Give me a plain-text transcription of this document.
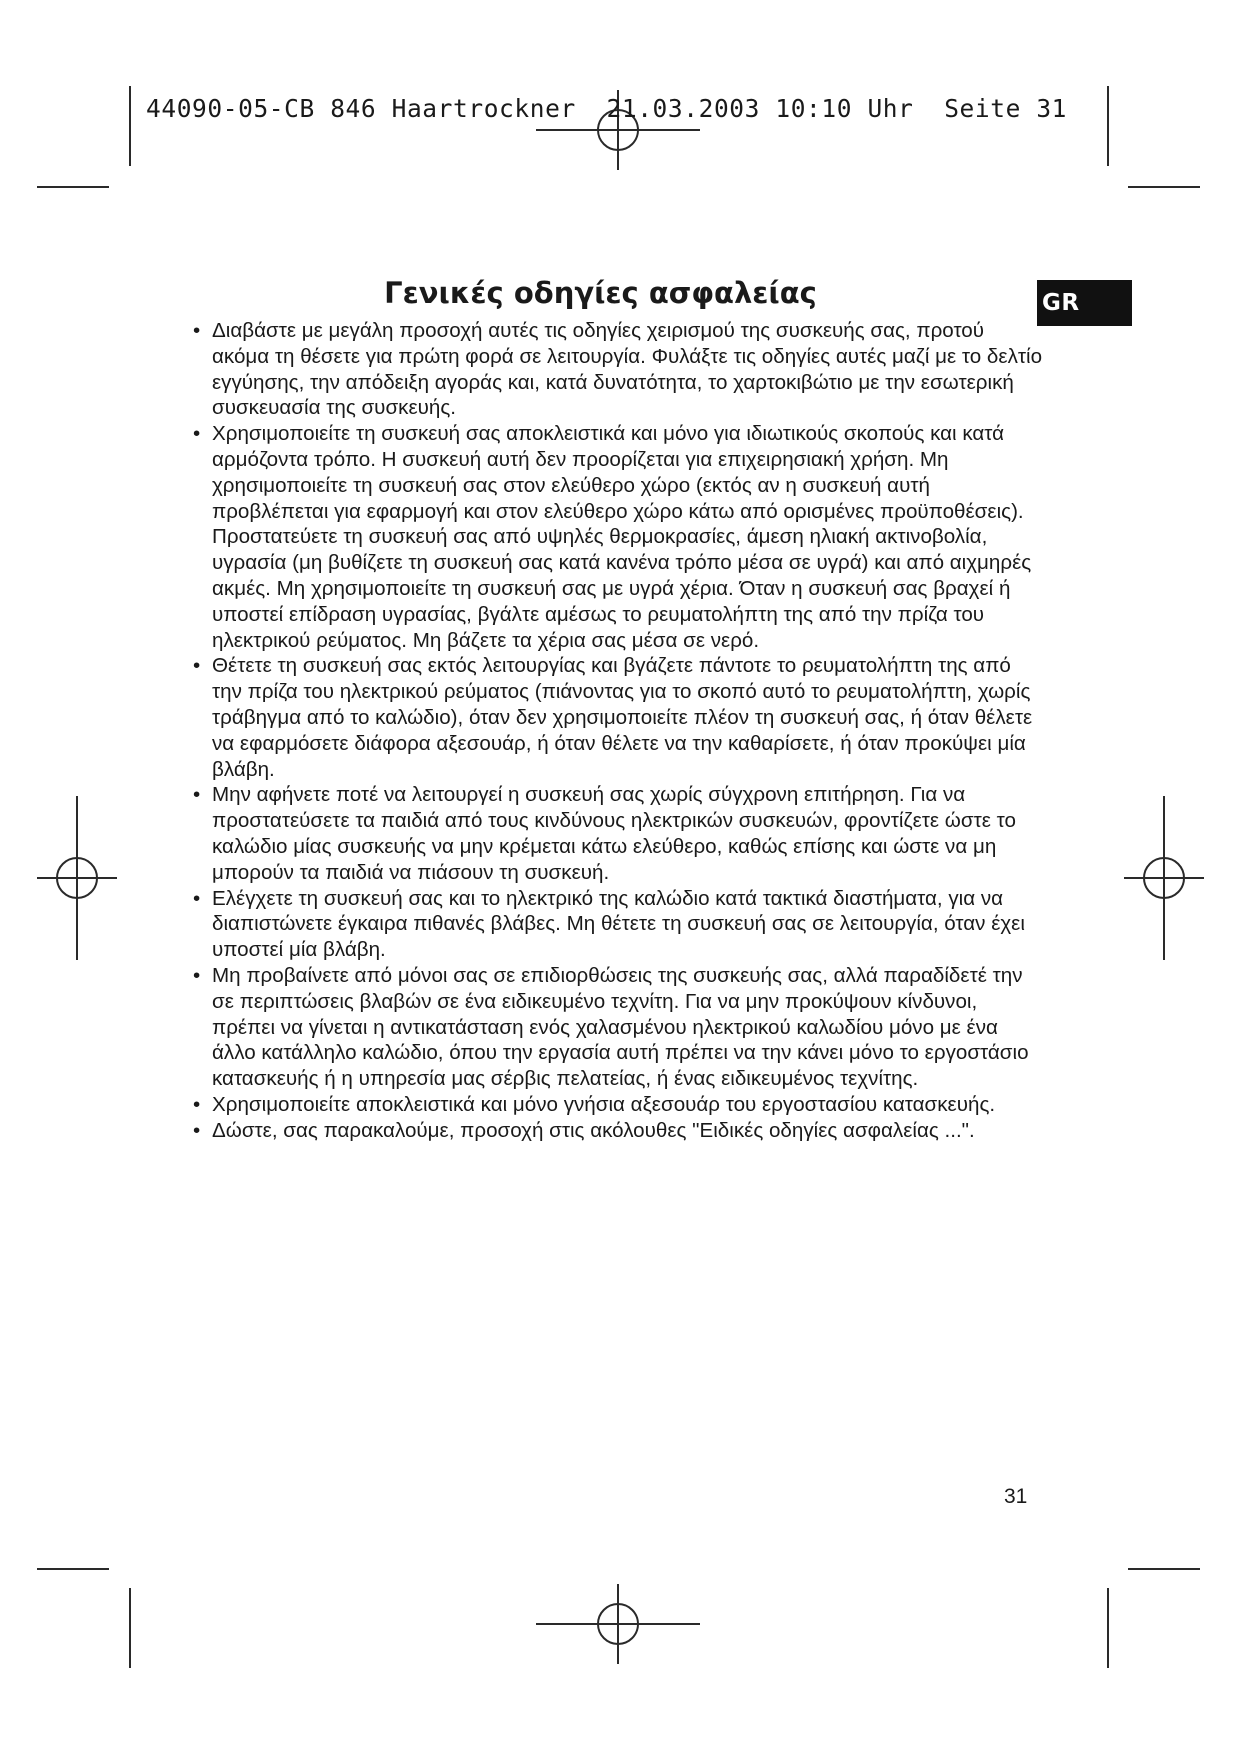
44090-05-CB 846 Haartrockner  21.03.2003 10:10 Uhr  Seite 31
Γενικές οδηγίες ασφαλείας	GR
• Διαβάστε με μεγάλη προσοχή αυτές τις οδηγίες χειρισμού της συσκευής σας, προτού ακόμα τη θέσετε για πρώτη φορά σε λειτουργία. Φυλάξτε τις οδηγίες αυτές μαζί με το δελτίο εγγύησης, την απόδειξη αγοράς και, κατά δυνατότητα, το χαρτοκιβώτιο με την εσωτερική συσκευασία της συσκευής.
• Χρησιμοποιείτε τη συσκευή σας αποκλειστικά και μόνο για ιδιωτικούς σκοπούς και κατά αρμόζοντα τρόπο. Η συσκευή αυτή δεν προορίζεται για επιχειρησιακή χρήση. Μη χρησιμοποιείτε τη συσκευή σας στον ελεύθερο χώρο (εκτός αν η συσκευή αυτή προβλέπεται για εφαρμογή και στον ελεύθερο χώρο κάτω από ορισμένες προϋποθέσεις). Προστατεύετε τη συσκευή σας από υψηλές θερμοκρασίες, άμεση ηλιακή ακτινοβολία, υγρασία (μη βυθίζετε τη συσκευή σας κατά κανένα τρόπο μέσα σε υγρά) και από αιχμηρές ακμές. Μη χρησιμοποιείτε τη συσκευή σας με υγρά χέρια. Όταν η συσκευή σας βραχεί ή υποστεί επίδραση υγρασίας, βγάλτε αμέσως το ρευματολήπτη της από την πρίζα του ηλεκτρικού ρεύματος. Μη βάζετε τα χέρια σας μέσα σε νερό.
• Θέτετε τη συσκευή σας εκτός λειτουργίας και βγάζετε πάντοτε το ρευματολήπτη της από την πρίζα του ηλεκτρικού ρεύματος (πιάνοντας για το σκοπό αυτό το ρευματολήπτη, χωρίς τράβηγμα από το καλώδιο), όταν δεν χρησιμοποιείτε πλέον τη συσκευή σας, ή όταν θέλετε να εφαρμόσετε διάφορα αξεσουάρ, ή όταν θέλετε να την καθαρίσετε, ή όταν προκύψει μία βλάβη.
• Μην αφήνετε ποτέ να λειτουργεί η συσκευή σας χωρίς σύγχρονη επιτήρηση. Για να προστατεύσετε τα παιδιά από τους κινδύνους ηλεκτρικών συσκευών, φροντίζετε ώστε το καλώδιο μίας συσκευής να μην κρέμεται κάτω ελεύθερο, καθώς επίσης και ώστε να μη μπορούν τα παιδιά να πιάσουν τη συσκευή.
• Ελέγχετε τη συσκευή σας και το ηλεκτρικό της καλώδιο κατά τακτικά διαστήματα, για να διαπιστώνετε έγκαιρα πιθανές βλάβες. Μη θέτετε τη συσκευή σας σε λειτουργία, όταν έχει υποστεί μία βλάβη.
• Μη προβαίνετε από μόνοι σας σε επιδιορθώσεις της συσκευής σας, αλλά παραδίδετέ την σε περιπτώσεις βλαβών σε ένα ειδικευμένο τεχνίτη. Για να μην προκύψουν κίνδυνοι, πρέπει να γίνεται η αντικατάσταση ενός χαλασμένου ηλεκτρικού καλωδίου μόνο με ένα άλλο κατάλληλο καλώδιο, όπου την εργασία αυτή πρέπει να την κάνει μόνο το εργοστάσιο κατασκευής ή η υπηρεσία μας σέρβις πελατείας, ή ένας ειδικευμένος τεχνίτης.
• Χρησιμοποιείτε αποκλειστικά και μόνο γνήσια αξεσουάρ του εργοστασίου κατασκευής.
• Δώστε, σας παρακαλούμε, προσοχή στις ακόλουθες "Ειδικές οδηγίες ασφαλείας ...".
31
